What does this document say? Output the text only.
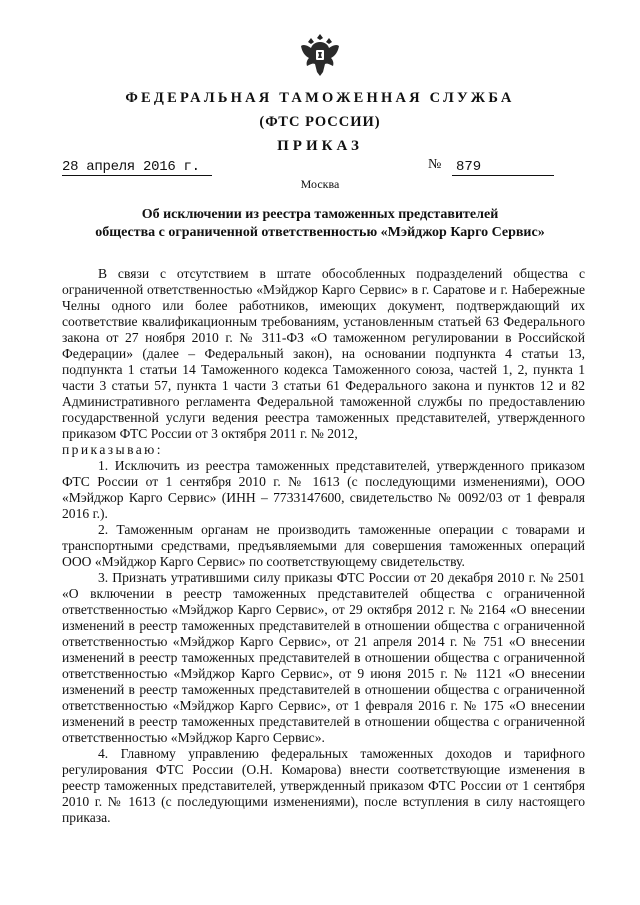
ФЕДЕРАЛЬНАЯ ТАМОЖЕННАЯ СЛУЖБА
(ФТС РОССИИ)
ПРИКАЗ
28 апреля 2016 г.	№ 879
Москва
Об исключении из реестра таможенных представителей
общества с ограниченной ответственностью «Мэйджор Карго Сервис»

В связи с отсутствием в штате обособленных подразделений общества с ограниченной ответственностью «Мэйджор Карго Сервис» в г. Саратове и г. Набережные Челны одного или более работников, имеющих документ, подтверждающий их соответствие квалификационным требованиям, установленным статьей 63 Федерального закона от 27 ноября 2010 г. № 311-ФЗ «О таможенном регулировании в Российской Федерации» (далее – Федеральный закон), на основании подпункта 4 статьи 13, подпункта 1 статьи 14 Таможенного кодекса Таможенного союза, частей 1, 2, пункта 1 части 3 статьи 57, пункта 1 части 3 статьи 61 Федерального закона и пунктов 12 и 82 Административного регламента Федеральной таможенной службы по предоставлению государственной услуги ведения реестра таможенных представителей, утвержденного приказом ФТС России от 3 октября 2011 г. № 2012,

приказываю:

1. Исключить из реестра таможенных представителей, утвержденного приказом ФТС России от 1 сентября 2010 г. № 1613 (с последующими изменениями), ООО «Мэйджор Карго Сервис» (ИНН – 7733147600, свидетельство № 0092/03 от 1 февраля 2016 г.).

2. Таможенным органам не производить таможенные операции с товарами и транспортными средствами, предъявляемыми для совершения таможенных операций ООО «Мэйджор Карго Сервис» по соответствующему свидетельству.

3. Признать утратившими силу приказы ФТС России от 20 декабря 2010 г. № 2501 «О включении в реестр таможенных представителей общества с ограниченной ответственностью «Мэйджор Карго Сервис», от 29 октября 2012 г. № 2164 «О внесении изменений в реестр таможенных представителей в отношении общества с ограниченной ответственностью «Мэйджор Карго Сервис», от 21 апреля 2014 г. № 751 «О внесении изменений в реестр таможенных представителей в отношении общества с ограниченной ответственностью «Мэйджор Карго Сервис», от 9 июня 2015 г. № 1121 «О внесении изменений в реестр таможенных представителей в отношении общества с ограниченной ответственностью «Мэйджор Карго Сервис», от 1 февраля 2016 г. № 175 «О внесении изменений в реестр таможенных представителей в отношении общества с ограниченной ответственностью «Мэйджор Карго Сервис».

4. Главному управлению федеральных таможенных доходов и тарифного регулирования ФТС России (О.Н. Комарова) внести соответствующие изменения в реестр таможенных представителей, утвержденный приказом ФТС России от 1 сентября 2010 г. № 1613 (с последующими изменениями), после вступления в силу настоящего приказа.
